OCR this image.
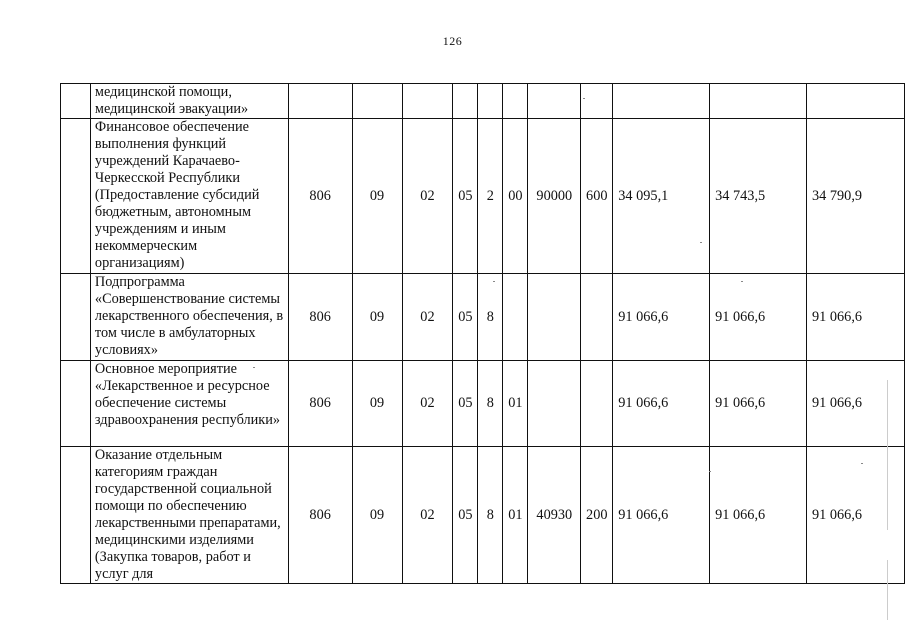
126
	медицинской помощи, медицинской эвакуации»											
	Финансовое обеспечение выполнения функций учреждений Карачаево-Черкесской Республики (Предоставление субсидий бюджетным, автономным учреждениям и иным некоммерческим организациям)	806	09	02	05	2	00	90000	600	34 095,1	34 743,5	34 790,9
	Подпрограмма «Совершенствование системы лекарственного обеспечения, в том числе в амбулаторных условиях»	806	09	02	05	8				91 066,6	91 066,6	91 066,6
	Основное мероприятие «Лекарственное и ресурсное обеспечение системы здравоохранения республики»	806	09	02	05	8	01			91 066,6	91 066,6	91 066,6
	Оказание отдельным категориям граждан государственной социальной помощи по обеспечению лекарственными препаратами, медицинскими изделиями (Закупка товаров, работ и услуг для	806	09	02	05	8	01	40930	200	91 066,6	91 066,6	91 066,6
